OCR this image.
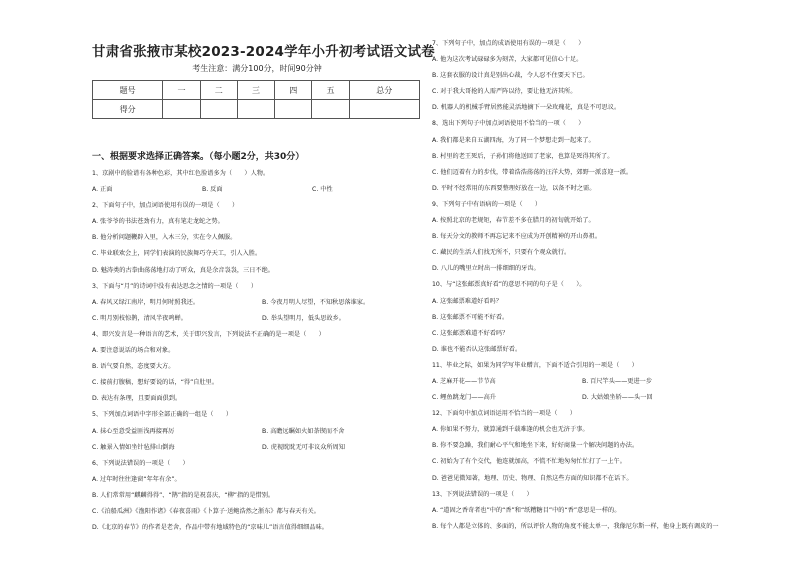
甘肃省张掖市某校2023-2024学年小升初考试语文试卷
考生注意：满分100分，时间90分钟
题号	一	二	三	四	五	总分
得分						
一、根据要求选择正确答案。（每小题2分，共30分）
1、京剧中的脸谱有各种色彩，其中红色脸谱多为（　　）人物。
A. 正面	B. 反面	C. 中性
2、下面句子中，加点词语使用有误的一项是（　　）
A. 张爷爷的书法苍劲有力，真有笔走龙蛇之势。
B. 他分析问题鞭辟入里，入木三分，实在令人佩服。
C. 毕业联欢会上，同学们表演的民族舞巧夺天工，引人入胜。
D. 魅涛类的古拳曲荡荡地打动了听众，真是余音袅袅，三日不绝。
3、下面与“月”的诗词中没有表达思念之情的一项是（　　）
A. 春风又绿江南岸，明月何时照我还。	B. 今夜月明人尽望，不知秋思落谁家。
C. 明月别枝惊鹊，清风半夜鸣蝉。	D. 举头望明月，低头思故乡。
4、即兴发言是一种语言的艺术，关于即兴发言，下列说法不正确的是一项是（　　）
A. 要注意说话的场合和对象。
B. 语气要自然，态度要大方。
C. 接前打腹稿，想好要说的话，“得”自肚里。
D. 表达有条理，且要面面俱到。
5、下列加点词语中字形全部正确的一组是（　　）
A. 抹心至意受益匪浅再接再厉	B. 高瞻远瞩如火如荼锲而不舍
C. 触景入情如坐针毡排山倒海	D. 虎视眈眈无可非议众所周知
6、下列说法错误的一项是（　　）
A. 过年时往往逢窗“年年有余”。
B. 人们常常用“麒麟得得”、“鹊”指的是祝喜庆，“柳”指的是惜别。
C.《泊船瓜洲》《渔阳作诸》《春夜喜雨》《卜算子·送鲍浩然之浙东》都与春天有关。
D.《北京的春节》的作者是老舍，作品中带有地域特色的“京味儿”语言值得细细品味。
7、下列句子中，加点的成语使用有误的一项是（　　）
A. 他为这次考试碌碌多为刻苦，大家都可见信心十足。
B. 这套衣服的设计真是别出心裁，令人忍不住要天下已。
C. 对于我大哥抢的人需严阵以待，要让他无济其所。
D. 机器人的机械手臂居然能灵活地摘下一朵玫瑰花，真是不可思议。
8、选出下列句子中加点词语使用不恰当的一项（　　）
A. 我们都是来自五湖四海，为了同一个梦想走到一起来了。
B. 村里的老王死后，子孙们将他送回了老家，也算是死得其所了。
C. 他们迈着有力的步伐，带着浩浩荡荡的汪洋大势，郊野一派喜迎一派。
D. 平时不经常用的东西要整理好放在一边，以备不时之需。
9、下列句子中有语病的一项是（　　）
A. 按照北京的老规矩，春节差不多在腊月的初旬就开始了。
B. 每天分文的教师不再忘记来不应成为开创精神的开山鼻祖。
C. 藏民的生活人们找无所不，只要有个观众就行。
D. 八儿的嘴里立时出一排细细的牙齿。
10、与“这张邮票真好看”的意思不同的句子是（　　）。
A. 这张邮票难道好看吗？
B. 这张邮票不可能不好看。
C. 这张邮票难道不好看吗？
D. 谁也不能否认这张邮票好看。
11、毕业之际，如果为同学写毕业赠言，下面不适合引用的一项是（　　）
A. 芝麻开花——节节高	B. 百尺竿头——更进一步
C. 鲤鱼跳龙门——高升	D. 大姑娘坐轿——头一回
12、下面句中加点词语运用不恰当的一项是（　　）
A. 你如果不努力，就算通到千载难逢的机会也无济于事。
B. 你不要急躁，我们耐心平气和地坐下来，好好商量一个解决问题的办法。
C. 初始为了有个交代，他连就加高，不慌不忙地匆匆忙忙打了一上午。
D. 爸爸见微知著，地理、历史、物理、自然这些方面的知识都不在话下。
13、下列说法错误的一项是（　　）
A. “道固之香奇者也”中的“香”和“纸糟糖目”中的“香”意思是一样的。
B. 每个人都是立体的、多面的，所以评价人物的角度不能太单一，我像尼尔斯一样，他身上既有调皮的一
